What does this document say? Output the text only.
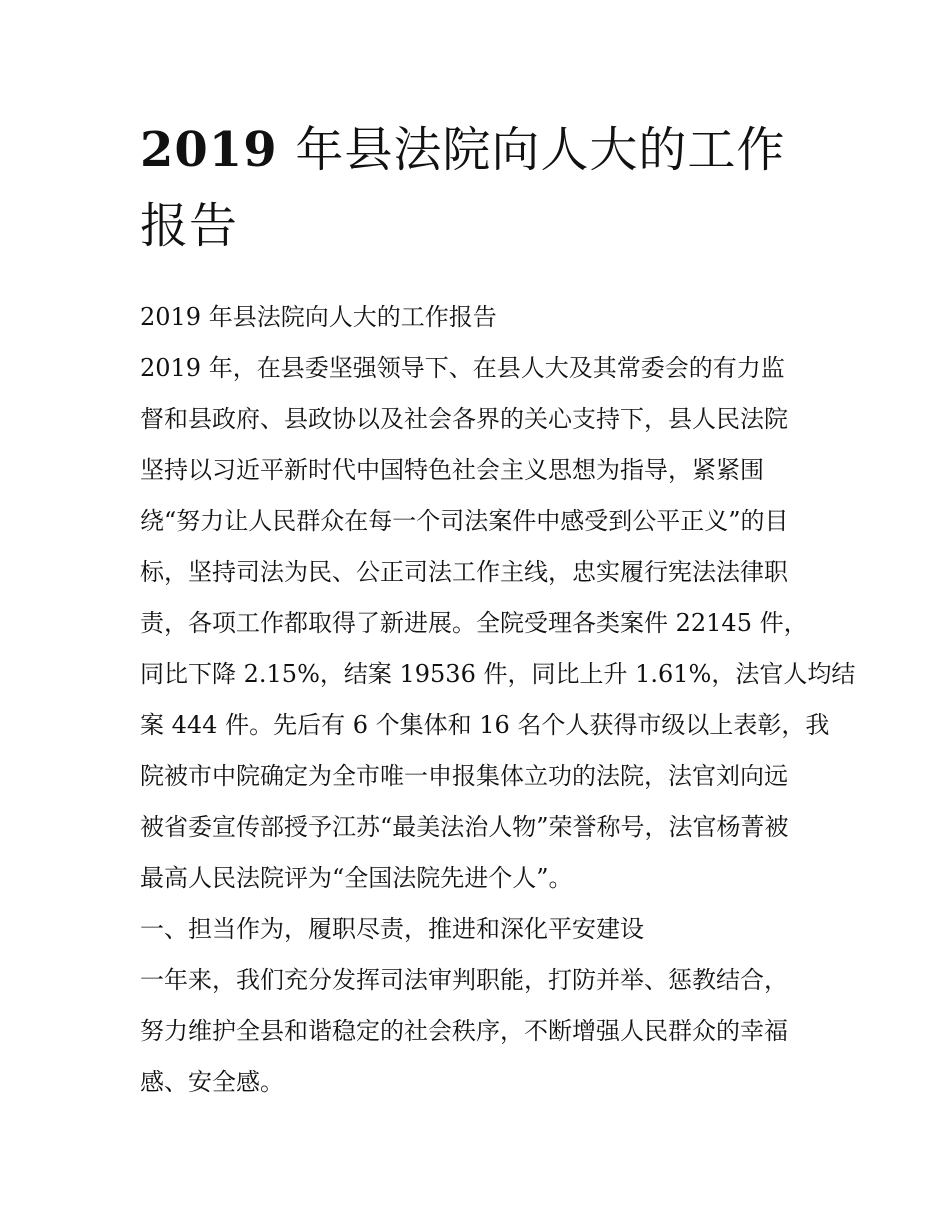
2019 年县法院向人大的工作报告

2019 年县法院向人大的工作报告

2019 年，在县委坚强领导下、在县人大及其常委会的有力监

督和县政府、县政协以及社会各界的关心支持下，县人民法院

坚持以习近平新时代中国特色社会主义思想为指导，紧紧围

绕“努力让人民群众在每一个司法案件中感受到公平正义”的目

标，坚持司法为民、公正司法工作主线，忠实履行宪法法律职

责，各项工作都取得了新进展。全院受理各类案件 22145 件，

同比下降 2.15%，结案 19536 件，同比上升 1.61%，法官人均结

案 444 件。先后有 6 个集体和 16 名个人获得市级以上表彰，我

院被市中院确定为全市唯一申报集体立功的法院，法官刘向远

被省委宣传部授予江苏“最美法治人物”荣誉称号，法官杨菁被

最高人民法院评为“全国法院先进个人”。

一、担当作为，履职尽责，推进和深化平安建设

一年来，我们充分发挥司法审判职能，打防并举、惩教结合，

努力维护全县和谐稳定的社会秩序，不断增强人民群众的幸福

感、安全感。
